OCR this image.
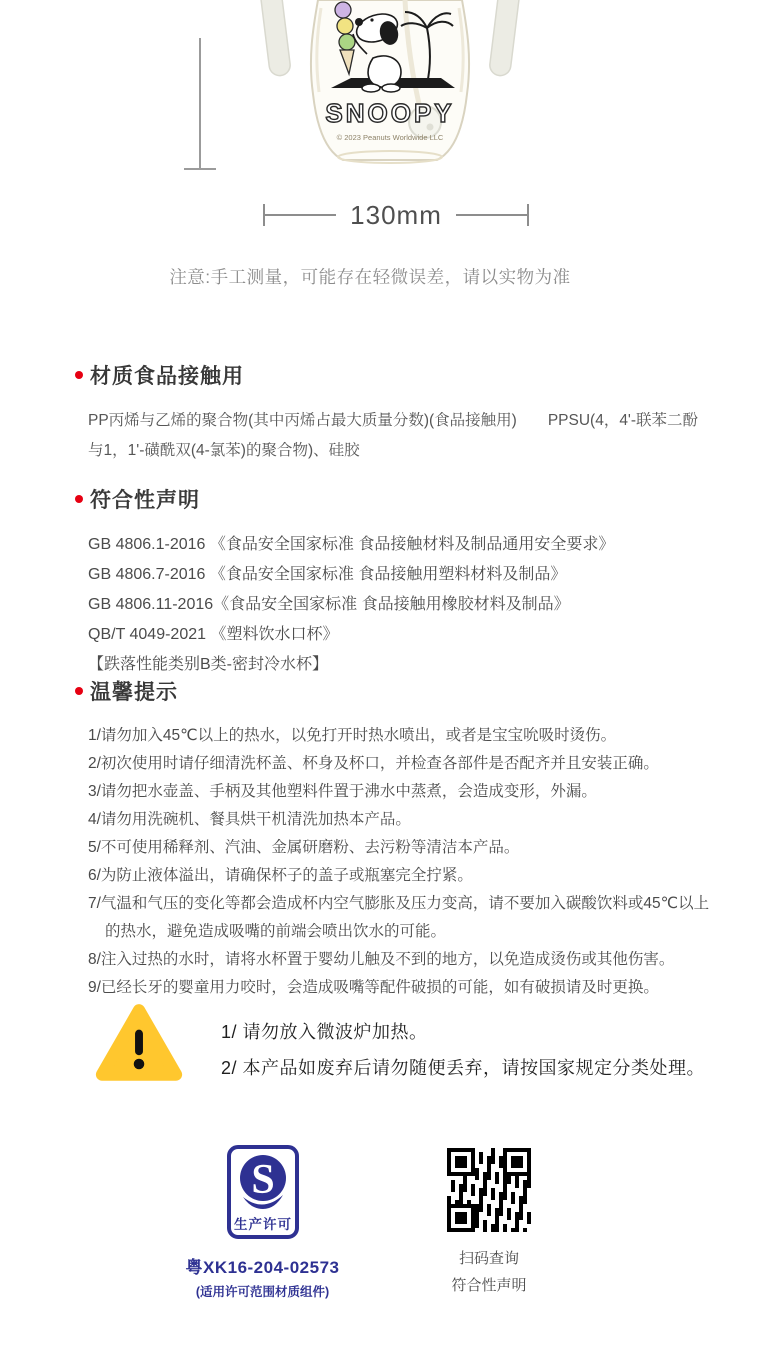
SNOOPY
© 2023 Peanuts Worldwide LLC
130mm
注意:手工测量，可能存在轻微误差，请以实物为准
材质食品接触用
PP丙烯与乙烯的聚合物(其中丙烯占最大质量分数)(食品接触用)　　PPSU(4，4'-联苯二酚
与1，1'-磺酰双(4-氯苯)的聚合物)、硅胶
符合性声明
GB 4806.1-2016 《食品安全国家标准 食品接触材料及制品通用安全要求》
GB 4806.7-2016 《食品安全国家标准 食品接触用塑料材料及制品》
GB 4806.11-2016《食品安全国家标准 食品接触用橡胶材料及制品》
QB/T 4049-2021 《塑料饮水口杯》
【跌落性能类别B类-密封冷水杯】
温馨提示
1/请勿加入45℃以上的热水，以免打开时热水喷出，或者是宝宝吮吸时烫伤。
2/初次使用时请仔细清洗杯盖、杯身及杯口，并检查各部件是否配齐并且安装正确。
3/请勿把水壶盖、手柄及其他塑料件置于沸水中蒸煮，会造成变形，外漏。
4/请勿用洗碗机、餐具烘干机清洗加热本产品。
5/不可使用稀释剂、汽油、金属研磨粉、去污粉等清洁本产品。
6/为防止液体溢出，请确保杯子的盖子或瓶塞完全拧紧。
7/气温和气压的变化等都会造成杯内空气膨胀及压力变高，请不要加入碳酸饮料或45℃以上 的热水，避免造成吸嘴的前端会喷出饮水的可能。
8/注入过热的水时，请将水杯置于婴幼儿触及不到的地方，以免造成烫伤或其他伤害。
9/已经长牙的婴童用力咬时，会造成吸嘴等配件破损的可能，如有破损请及时更换。
1/ 请勿放入微波炉加热。
2/ 本产品如废弃后请勿随便丢弃，请按国家规定分类处理。
S
生产许可
粤XK16-204-02573
(适用许可范围材质组件)
扫码查询
符合性声明
